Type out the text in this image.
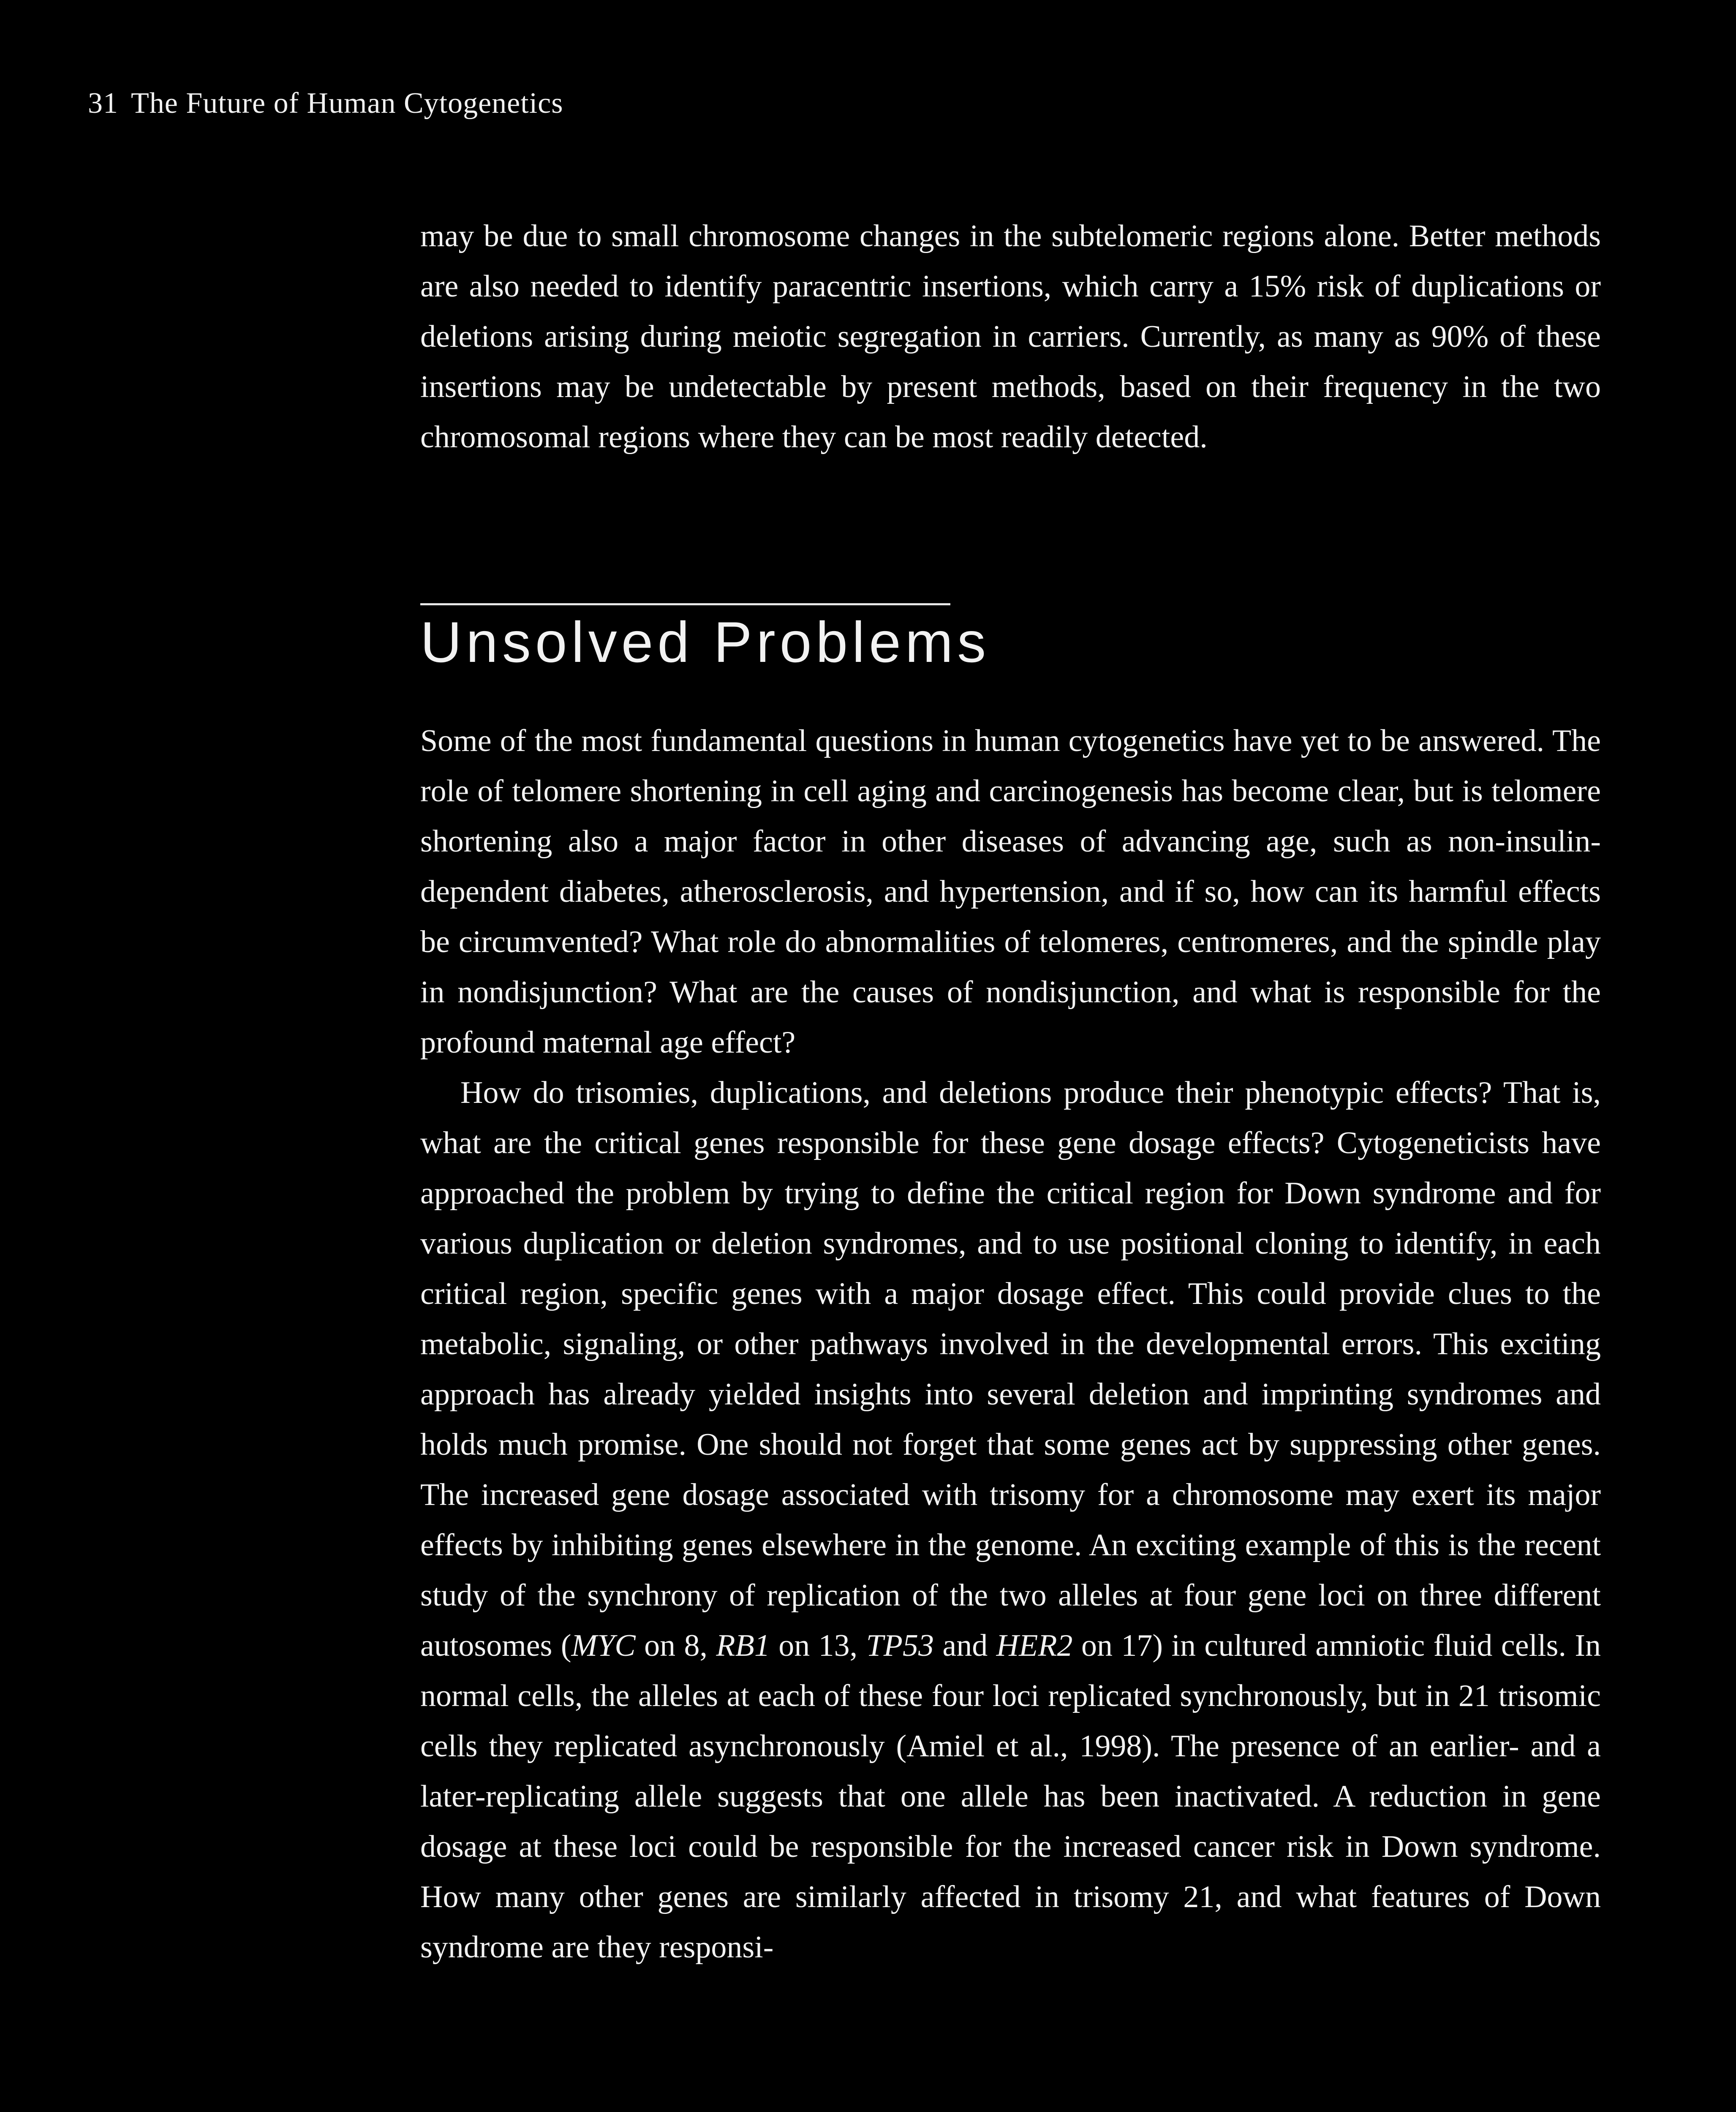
31 The Future of Human Cytogenetics

may be due to small chromosome changes in the subtelomeric regions alone. Better methods are also needed to identify paracentric insertions, which carry a 15% risk of duplications or deletions arising during meiotic segregation in carriers. Currently, as many as 90% of these insertions may be undetectable by present methods, based on their frequency in the two chromosomal regions where they can be most readily detected.

Unsolved Problems

Some of the most fundamental questions in human cytogenetics have yet to be answered. The role of telomere shortening in cell aging and carcinogenesis has become clear, but is telomere shortening also a major factor in other diseases of advancing age, such as non-insulin-dependent diabetes, atherosclerosis, and hypertension, and if so, how can its harmful effects be circumvented? What role do abnormalities of telomeres, centromeres, and the spindle play in nondisjunction? What are the causes of nondisjunction, and what is responsible for the profound maternal age effect?

How do trisomies, duplications, and deletions produce their phenotypic effects? That is, what are the critical genes responsible for these gene dosage effects? Cytogeneticists have approached the problem by trying to define the critical region for Down syndrome and for various duplication or deletion syndromes, and to use positional cloning to identify, in each critical region, specific genes with a major dosage effect. This could provide clues to the metabolic, signaling, or other pathways involved in the developmental errors. This exciting approach has already yielded insights into several deletion and imprinting syndromes and holds much promise. One should not forget that some genes act by suppressing other genes. The increased gene dosage associated with trisomy for a chromosome may exert its major effects by inhibiting genes elsewhere in the genome. An exciting example of this is the recent study of the synchrony of replication of the two alleles at four gene loci on three different autosomes (MYC on 8, RB1 on 13, TP53 and HER2 on 17) in cultured amniotic fluid cells. In normal cells, the alleles at each of these four loci replicated synchronously, but in 21 trisomic cells they replicated asynchronously (Amiel et al., 1998). The presence of an earlier- and a later-replicating allele suggests that one allele has been inactivated. A reduction in gene dosage at these loci could be responsible for the increased cancer risk in Down syndrome. How many other genes are similarly affected in trisomy 21, and what features of Down syndrome are they responsi-
